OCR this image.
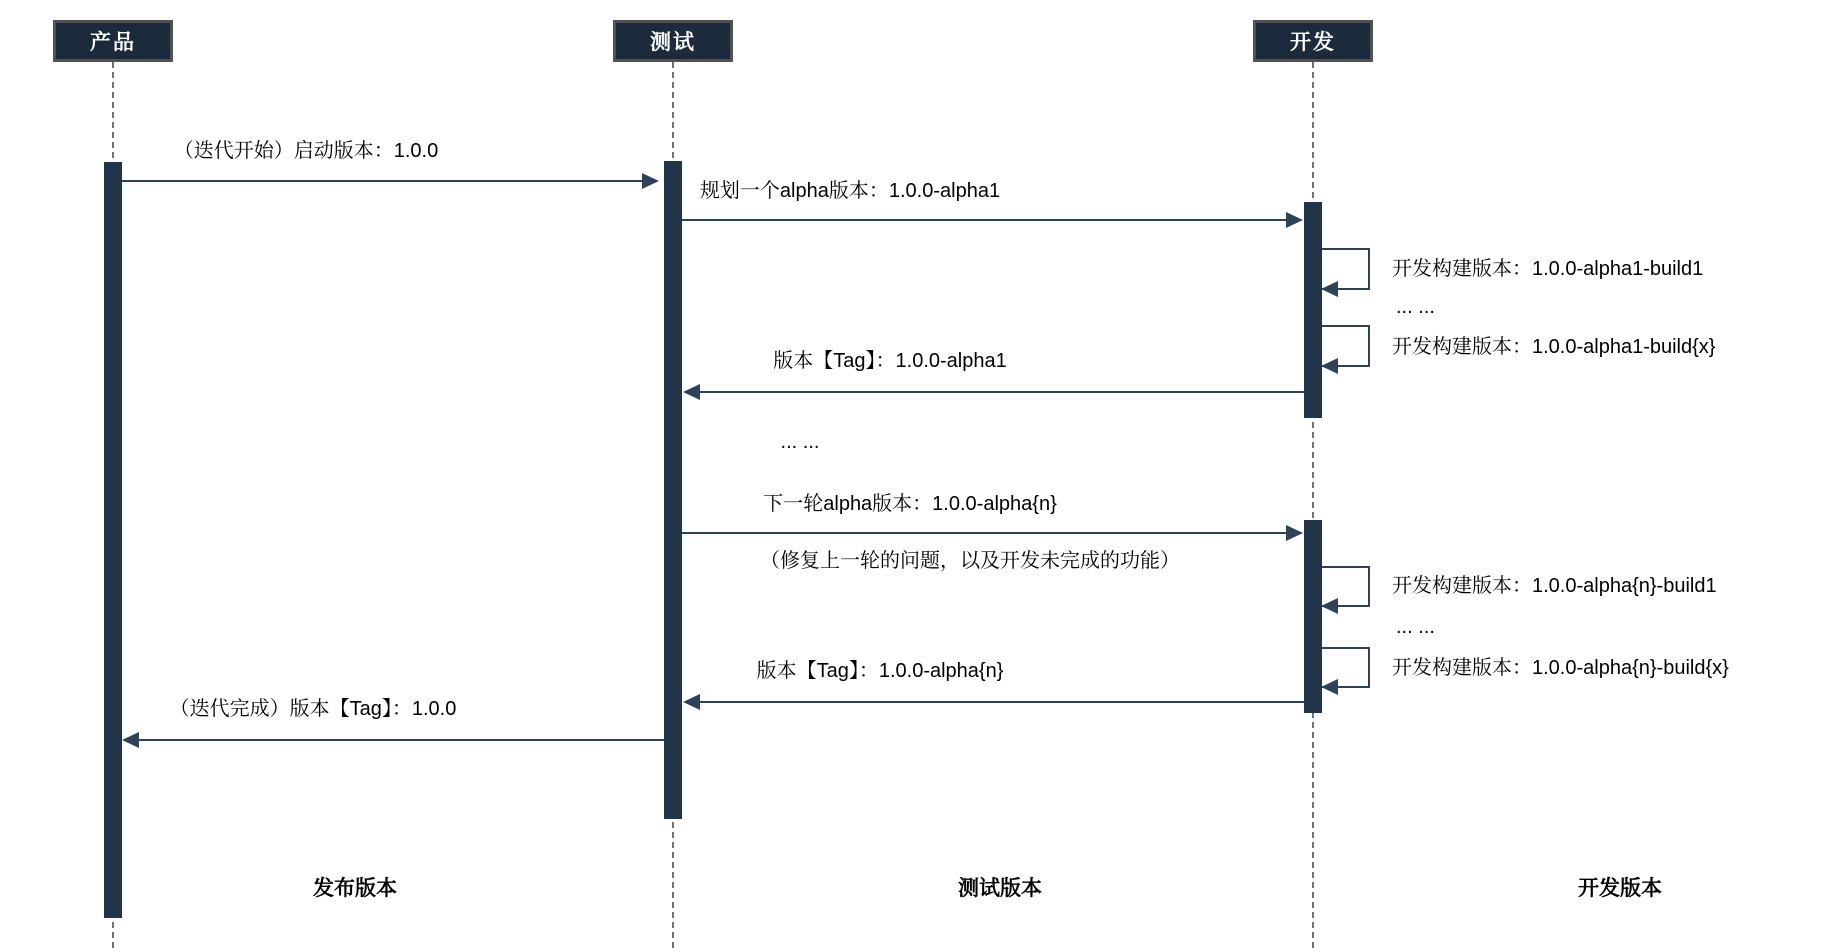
产品	测试	开发
（迭代开始）启动版本：1.0.0
规划一个alpha版本：1.0.0-alpha1
开发构建版本：1.0.0-alpha1-build1
... ...
开发构建版本：1.0.0-alpha1-build{x}
版本【Tag】：1.0.0-alpha1
... ...
下一轮alpha版本：1.0.0-alpha{n}
（修复上一轮的问题，以及开发未完成的功能）
开发构建版本：1.0.0-alpha{n}-build1
... ...
开发构建版本：1.0.0-alpha{n}-build{x}
版本【Tag】：1.0.0-alpha{n}
（迭代完成）版本【Tag】：1.0.0
发布版本	测试版本	开发版本
